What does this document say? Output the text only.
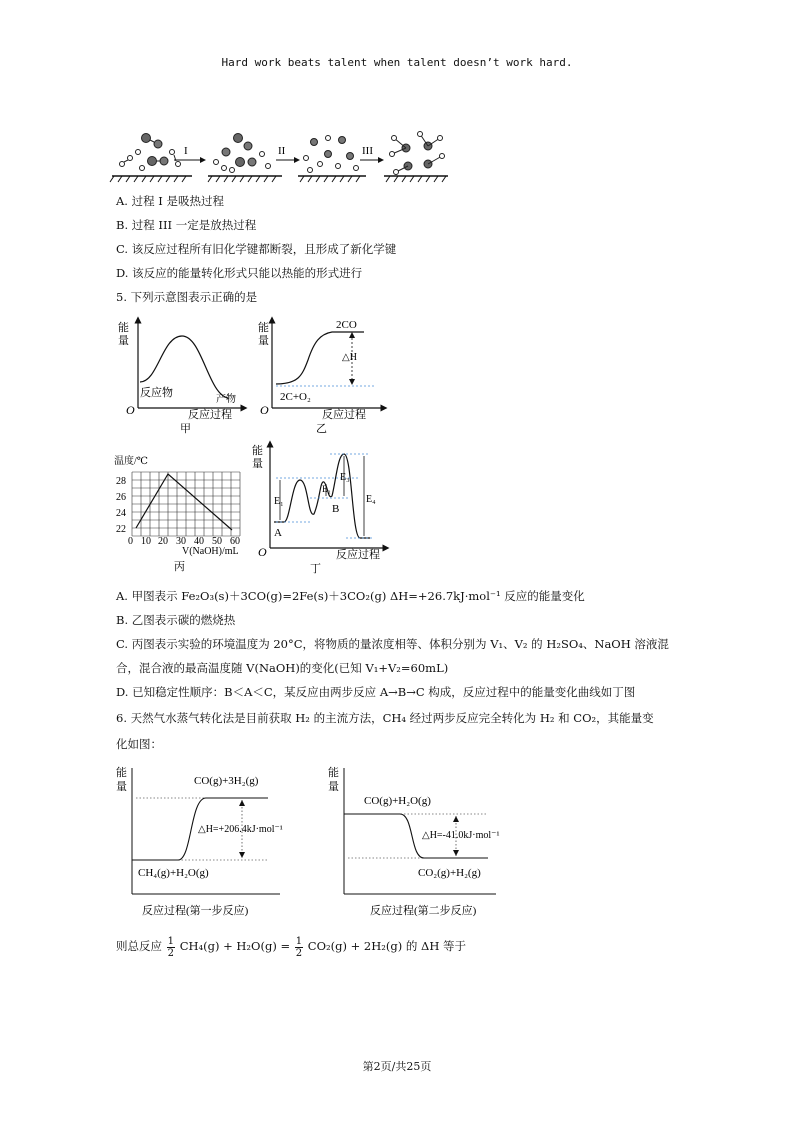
Hard work beats talent when talent doesn’t work hard.
I	II	III
A. 过程 I 是吸热过程
B. 过程 III 一定是放热过程
C. 该反应过程所有旧化学键都断裂，且形成了新化学键
D. 该反应的能量转化形式只能以热能的形式进行
5. 下列示意图表示正确的是
能
量
反应物
产物
O	反应过程
甲
能
量
2CO
△H
2C+O₂
O	反应过程
乙
温度/℃
28
26
24
22
0 10 20 30 40 50 60
V(NaOH)/mL
丙
能
量
E₁
E₂
E₃
E₄
A
B
O	反应过程
丁
A. 甲图表示 Fe₂O₃(s)＋3CO(g)=2Fe(s)＋3CO₂(g) ΔH=+26.7kJ·mol⁻¹ 反应的能量变化
B. 乙图表示碳的燃烧热
C. 丙图表示实验的环境温度为 20°C，将物质的量浓度相等、体积分别为 V₁、V₂ 的 H₂SO₄、NaOH 溶液混
合，混合液的最高温度随 V(NaOH)的变化(已知 V₁+V₂=60mL)
D. 已知稳定性顺序：B＜A＜C，某反应由两步反应 A→B→C 构成，反应过程中的能量变化曲线如丁图
6. 天然气水蒸气转化法是目前获取 H₂ 的主流方法，CH₄ 经过两步反应完全转化为 H₂ 和 CO₂，其能量变
化如图：
能
量	CO(g)+3H₂(g)
△H=+206.4kJ·mol⁻¹
CH₄(g)+H₂O(g)
反应过程(第一步反应)
能
量
CO(g)+H₂O(g)
△H=-41.0kJ·mol⁻¹
CO₂(g)+H₂(g)
反应过程(第二步反应)
则总反应 $\frac{1}{2} CH_4(g) + H_2O(g) = \frac{1}{2} CO_2(g) + 2H_2(g)$ 的 ΔH 等于
第2页/共25页
